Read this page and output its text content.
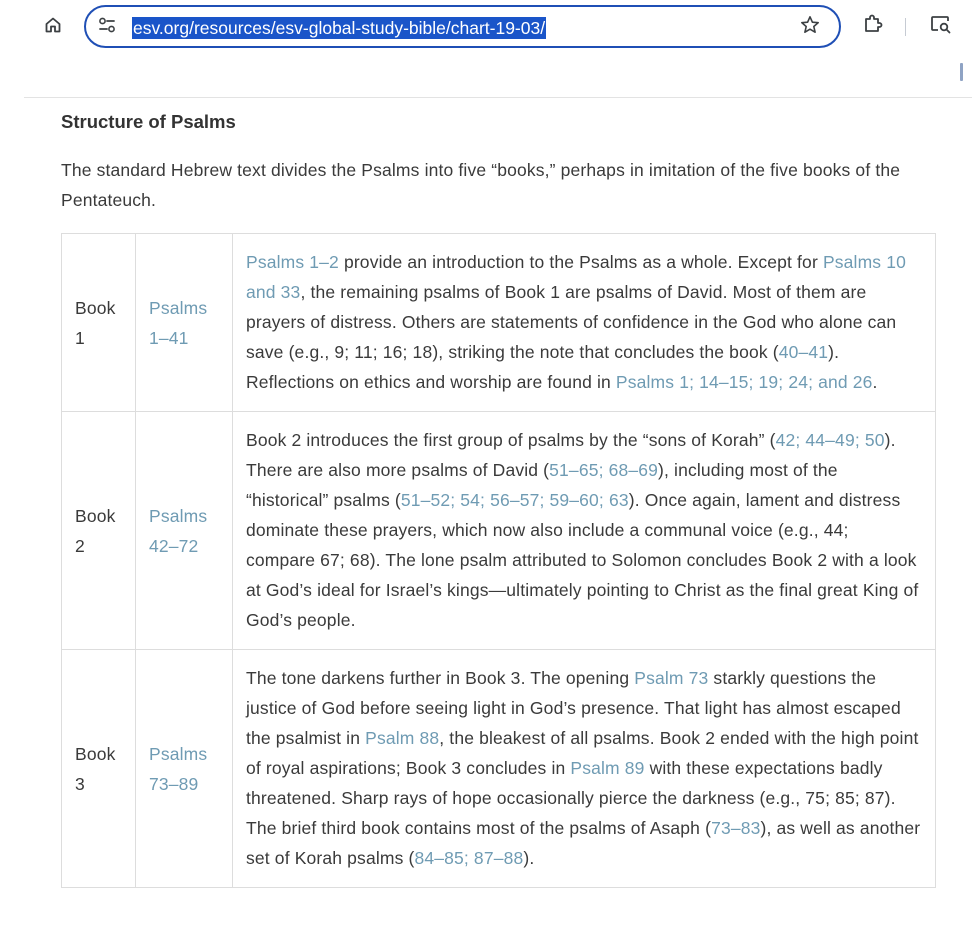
esv.org/resources/esv-global-study-bible/chart-19-03/
Structure of Psalms

The standard Hebrew text divides the Psalms into five “books,” perhaps in imitation of the five books of the Pentateuch.

Book 1	Psalms 1–41	Psalms 1–2 provide an introduction to the Psalms as a whole. Except for Psalms 10 and 33, the remaining psalms of Book 1 are psalms of David. Most of them are prayers of distress. Others are statements of confidence in the God who alone can save (e.g., 9; 11; 16; 18), striking the note that concludes the book (40–41). Reflections on ethics and worship are found in Psalms 1; 14–15; 19; 24; and 26.
Book 2	Psalms 42–72	Book 2 introduces the first group of psalms by the “sons of Korah” (42; 44–49; 50). There are also more psalms of David (51–65; 68–69), including most of the “historical” psalms (51–52; 54; 56–57; 59–60; 63). Once again, lament and distress dominate these prayers, which now also include a communal voice (e.g., 44; compare 67; 68). The lone psalm attributed to Solomon concludes Book 2 with a look at God’s ideal for Israel’s kings—ultimately pointing to Christ as the final great King of God’s people.
Book 3	Psalms 73–89	The tone darkens further in Book 3. The opening Psalm 73 starkly questions the justice of God before seeing light in God’s presence. That light has almost escaped the psalmist in Psalm 88, the bleakest of all psalms. Book 2 ended with the high point of royal aspirations; Book 3 concludes in Psalm 89 with these expectations badly threatened. Sharp rays of hope occasionally pierce the darkness (e.g., 75; 85; 87). The brief third book contains most of the psalms of Asaph (73–83), as well as another set of Korah psalms (84–85; 87–88).
